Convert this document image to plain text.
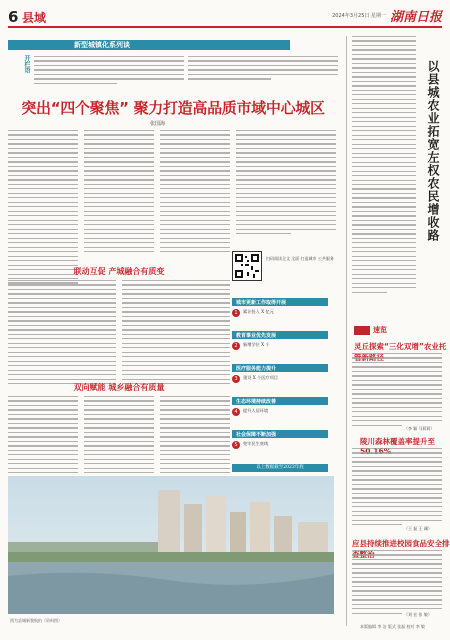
6 县域	2024年3月25日 星期一 湖南日报
新型城镇化系列谈
开栏语
突出“四个聚焦” 聚力打造高品质市域中心城区
张国海
联动互促 产城融合有质变
双向赋能 城乡融合有质量
扫码阅读全文 全面 打造城市 公共服务
城市更新工作取得开展
1	累计投入 X 亿元
教育事业优先发展
2	新增学位 X 个
医疗服务能力提升
3	建设 X 个医疗项目
生态环境持续改善
4	提升人居环境
社会保障不断加强
5	兜牢民生底线
以上数据截至2023年底
图为县城新貌航拍（资料图）
以县城农业拓宽左权农民增收路
速览
灵丘探索“三化双增”农业托
（李 颖 马莉莉）
陵川森林覆盖率提升至
（王 磊 王 珊）
应县持续推进校园食品安全排
（刘 宏 张 敏）
本版编辑 李 洁 版式 张磊 校对 李 敏
